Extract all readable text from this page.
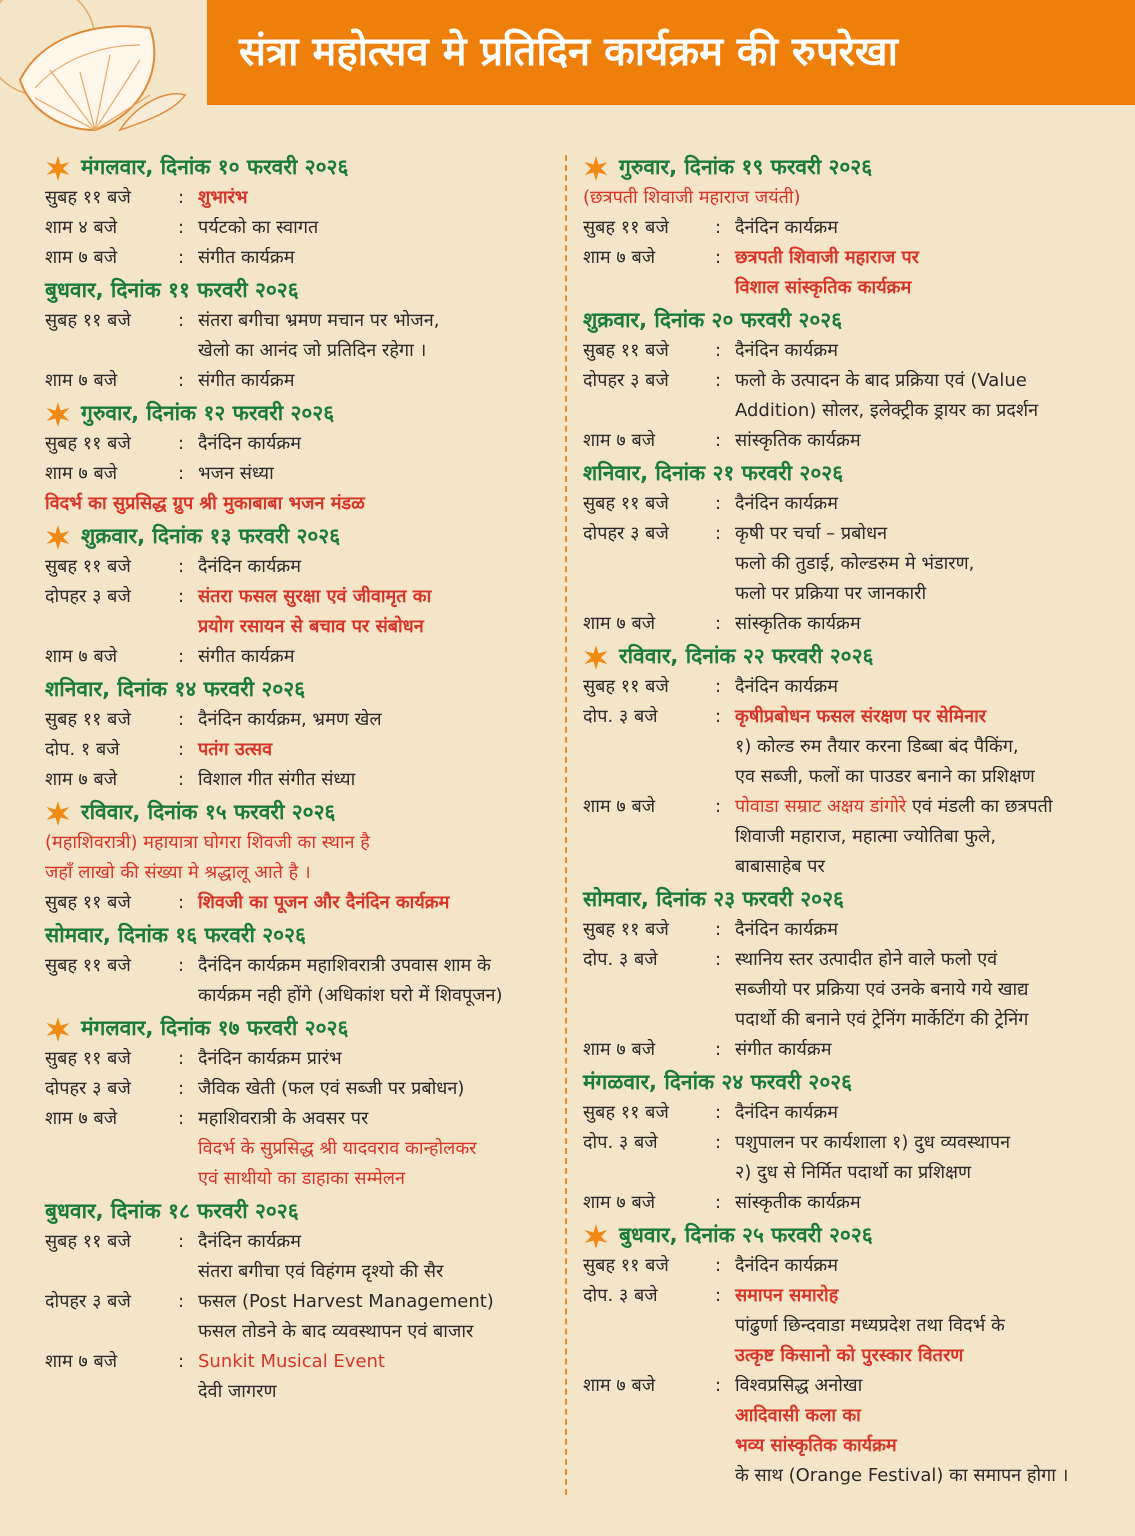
संत्रा महोत्सव मे प्रतिदिन कार्यक्रम की रुपरेखा
मंगलवार, दिनांक १० फरवरी २०२६
सुबह ११ बजे	: शुभारंभ
शाम ४ बजे	: पर्यटको का स्वागत
शाम ७ बजे	: संगीत कार्यक्रम
बुधवार, दिनांक ११ फरवरी २०२६
सुबह ११ बजे	: संतरा बगीचा भ्रमण मचान पर भोजन,
खेलो का आनंद जो प्रतिदिन रहेगा ।
शाम ७ बजे	: संगीत कार्यक्रम
गुरुवार, दिनांक १२ फरवरी २०२६
सुबह ११ बजे	: दैनंदिन कार्यक्रम
शाम ७ बजे	: भजन संध्या
विदर्भ का सुप्रसिद्ध ग्रुप श्री मुकाबाबा भजन मंडळ
शुक्रवार, दिनांक १३ फरवरी २०२६
सुबह ११ बजे	: दैनंदिन कार्यक्रम
दोपहर ३ बजे	: संतरा फसल सुरक्षा एवं जीवामृत का
प्रयोग रसायन से बचाव पर संबोधन
शाम ७ बजे	: संगीत कार्यक्रम
शनिवार, दिनांक १४ फरवरी २०२६
सुबह ११ बजे	: दैनंदिन कार्यक्रम, भ्रमण खेल
दोप. १ बजे	: पतंग उत्सव
शाम ७ बजे	: विशाल गीत संगीत संध्या
रविवार, दिनांक १५ फरवरी २०२६
(महाशिवरात्री) महायात्रा घोगरा शिवजी का स्थान है
जहाँ लाखो की संख्या मे श्रद्धालू आते है ।
सुबह ११ बजे	: शिवजी का पूजन और दैनंदिन कार्यक्रम
सोमवार, दिनांक १६ फरवरी २०२६
सुबह ११ बजे	: दैनंदिन कार्यक्रम महाशिवरात्री उपवास शाम के
कार्यक्रम नही होंगे (अधिकांश घरो में शिवपूजन)
मंगलवार, दिनांक १७ फरवरी २०२६
सुबह ११ बजे	: दैनंदिन कार्यक्रम प्रारंभ
दोपहर ३ बजे	: जैविक खेती (फल एवं सब्जी पर प्रबोधन)
शाम ७ बजे	: महाशिवरात्री के अवसर पर
विदर्भ के सुप्रसिद्ध श्री यादवराव कान्होलकर
एवं साथीयो का डाहाका सम्मेलन
बुधवार, दिनांक १८ फरवरी २०२६
सुबह ११ बजे	: दैनंदिन कार्यक्रम
संतरा बगीचा एवं विहंगम दृश्यो की सैर
दोपहर ३ बजे	: फसल (Post Harvest Management)
फसल तोडने के बाद व्यवस्थापन एवं बाजार
शाम ७ बजे	: Sunkit Musical Event
देवी जागरण
गुरुवार, दिनांक १९ फरवरी २०२६
(छत्रपती शिवाजी महाराज जयंती)
सुबह ११ बजे	: दैनंदिन कार्यक्रम
शाम ७ बजे	: छत्रपती शिवाजी महाराज पर
विशाल सांस्कृतिक कार्यक्रम
शुक्रवार, दिनांक २० फरवरी २०२६
सुबह ११ बजे	: दैनंदिन कार्यक्रम
दोपहर ३ बजे	: फलो के उत्पादन के बाद प्रक्रिया एवं (Value
Addition) सोलर, इलेक्ट्रीक ड्रायर का प्रदर्शन
शाम ७ बजे	: सांस्कृतिक कार्यक्रम
शनिवार, दिनांक २१ फरवरी २०२६
सुबह ११ बजे	: दैनंदिन कार्यक्रम
दोपहर ३ बजे	: कृषी पर चर्चा – प्रबोधन
फलो की तुडाई, कोल्डरुम मे भंडारण,
फलो पर प्रक्रिया पर जानकारी
शाम ७ बजे	: सांस्कृतिक कार्यक्रम
रविवार, दिनांक २२ फरवरी २०२६
सुबह ११ बजे	: दैनंदिन कार्यक्रम
दोप. ३ बजे	: कृषीप्रबोधन फसल संरक्षण पर सेमिनार
१) कोल्ड रुम तैयार करना डिब्बा बंद पैकिंग,
एव सब्जी, फलों का पाउडर बनाने का प्रशिक्षण
शाम ७ बजे	: पोवाडा सम्राट अक्षय डांगोरे एवं मंडली का छत्रपती
शिवाजी महाराज, महात्मा ज्योतिबा फुले,
बाबासाहेब पर
सोमवार, दिनांक २३ फरवरी २०२६
सुबह ११ बजे	: दैनंदिन कार्यक्रम
दोप. ३ बजे	: स्थानिय स्तर उत्पादीत होने वाले फलो एवं
सब्जीयो पर प्रक्रिया एवं उनके बनाये गये खाद्य
पदार्थो की बनाने एवं ट्रेनिंग मार्केटिंग की ट्रेनिंग
शाम ७ बजे	: संगीत कार्यक्रम
मंगळवार, दिनांक २४ फरवरी २०२६
सुबह ११ बजे	: दैनंदिन कार्यक्रम
दोप. ३ बजे	: पशुपालन पर कार्यशाला १) दुध व्यवस्थापन
२) दुध से निर्मित पदार्थो का प्रशिक्षण
शाम ७ बजे	: सांस्कृतीक कार्यक्रम
बुधवार, दिनांक २५ फरवरी २०२६
सुबह ११ बजे	: दैनंदिन कार्यक्रम
दोप. ३ बजे	: समापन समारोह
पांढुर्णा छिन्दवाडा मध्यप्रदेश तथा विदर्भ के
उत्कृष्ट किसानो को पुरस्कार वितरण
शाम ७ बजे	: विश्वप्रसिद्ध अनोखा
आदिवासी कला का
भव्य सांस्कृतिक कार्यक्रम
के साथ (Orange Festival) का समापन होगा ।
